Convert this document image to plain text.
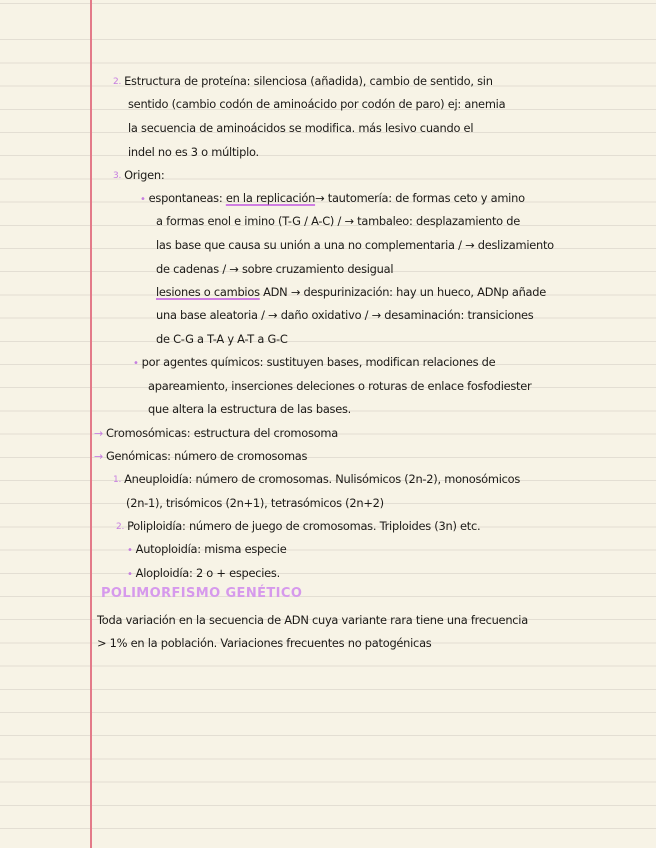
2. Estructura de proteína: silenciosa (añadida), cambio de sentido, sin
sentido (cambio codón de aminoácido por codón de paro) ej: anemia
la secuencia de aminoácidos se modifica. más lesivo cuando el
indel no es 3 o múltiplo.
3. Origen:
• espontaneas: en la replicación→ tautomería: de formas ceto y amino
a formas enol e imino (T-G / A-C) / → tambaleo: desplazamiento de
las base que causa su unión a una no complementaria / → deslizamiento
de cadenas / → sobre cruzamiento desigual
lesiones o cambios ADN → despurinización: hay un hueco, ADNp añade
una base aleatoria / → daño oxidativo / → desaminación: transiciones
de C-G a T-A y A-T a G-C
• por agentes químicos: sustituyen bases, modifican relaciones de
apareamiento, inserciones deleciones o roturas de enlace fosfodiester
que altera la estructura de las bases.
→ Cromosómicas: estructura del cromosoma
→ Genómicas: número de cromosomas
1. Aneuploidía: número de cromosomas. Nulisómicos (2n-2), monosómicos
(2n-1), trisómicos (2n+1), tetrasómicos (2n+2)
2. Poliploidía: número de juego de cromosomas. Triploides (3n) etc.
• Autoploidía: misma especie
• Aloploidía: 2 o + especies.
POLIMORFISMO GENÉTICO
Toda variación en la secuencia de ADN cuya variante rara tiene una frecuencia
> 1% en la población. Variaciones frecuentes no patogénicas
